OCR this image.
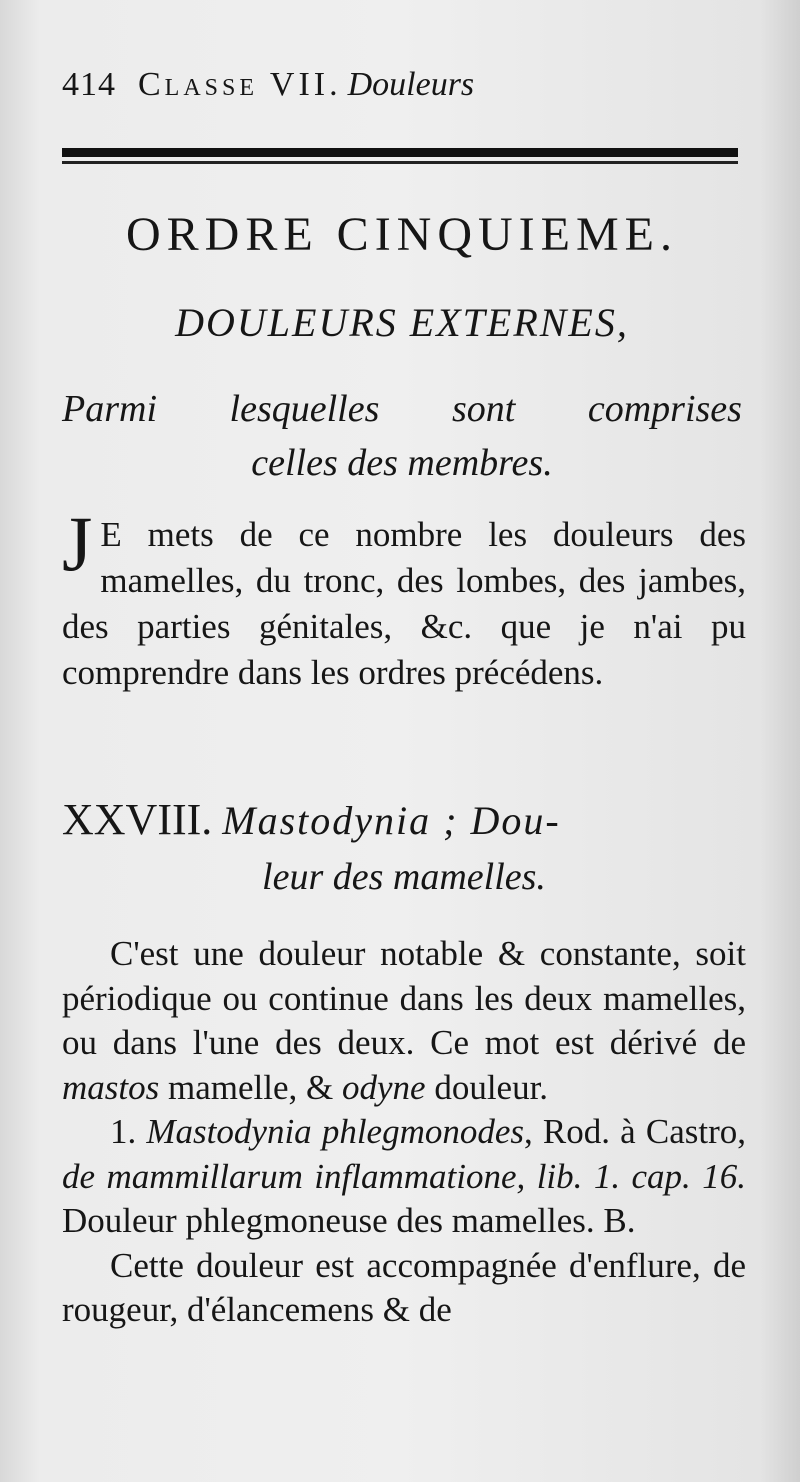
414 Classe VII. Douleurs
ORDRE CINQUIEME.
DOULEURS EXTERNES,
Parmi lesquelles sont comprises
celles des membres.
J E mets de ce nombre les douleurs des mamelles, du tronc, des lombes, des jambes, des parties génitales, &c. que je n'ai pu comprendre dans les ordres précédens.
XXVIII. Mastodynia ; Dou-
leur des mamelles.

C'est une douleur notable & constante, soit périodique ou continue dans les deux mamelles, ou dans l'une des deux. Ce mot est dérivé de mastos mamelle, & odyne douleur.

1. Mastodynia phlegmonodes, Rod. à Castro, de mammillarum inflammatione, lib. 1. cap. 16. Douleur phlegmoneuse des mamelles. B.

Cette douleur est accompagnée d'enflure, de rougeur, d'élancemens & de
